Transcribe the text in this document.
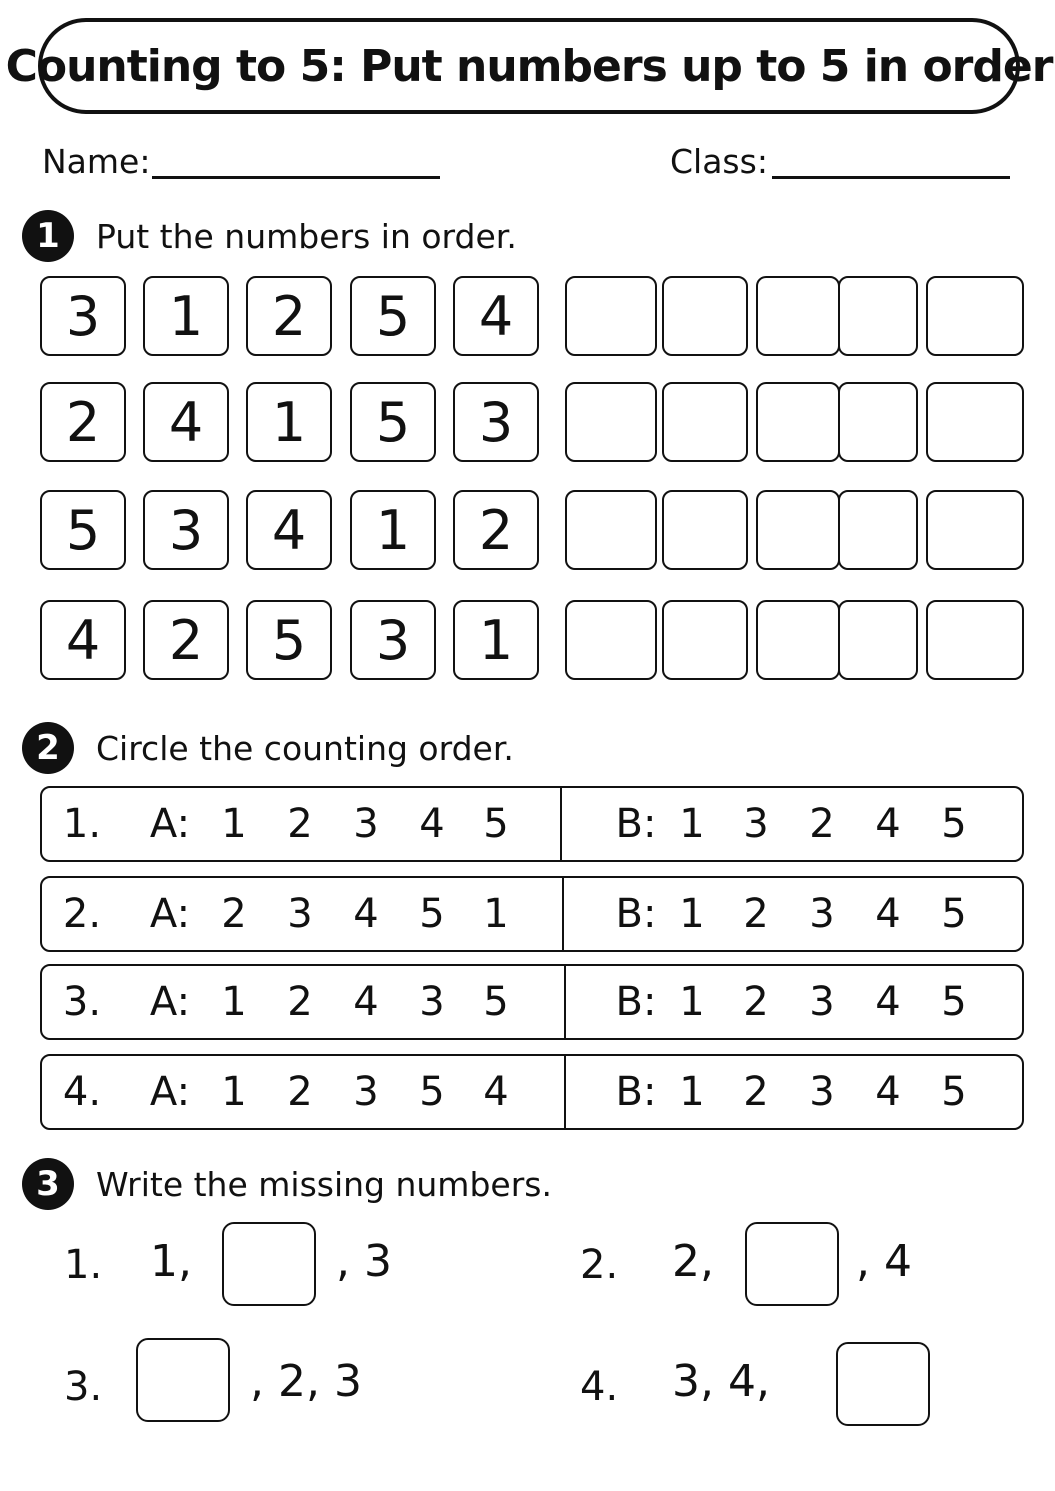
Counting to 5: Put numbers up to 5 in order
Name:	Class:
1	Put the numbers in order.
3	1	2	5	4
2	4	1	5	3
5	3	4	1	2
4	2	5	3	1
2	Circle the counting order.
1. A: 1 2 3 4 5	B: 1 3 2 4 5
2. A: 2 3 4 5 1	B: 1 2 3 4 5
3. A: 1 2 4 3 5	B: 1 2 3 4 5
4. A: 1 2 3 5 4	B: 1 2 3 4 5
3	Write the missing numbers.
1. 1,	, 3	2. 2,	, 4
3.	, 2, 3	4. 3, 4,
